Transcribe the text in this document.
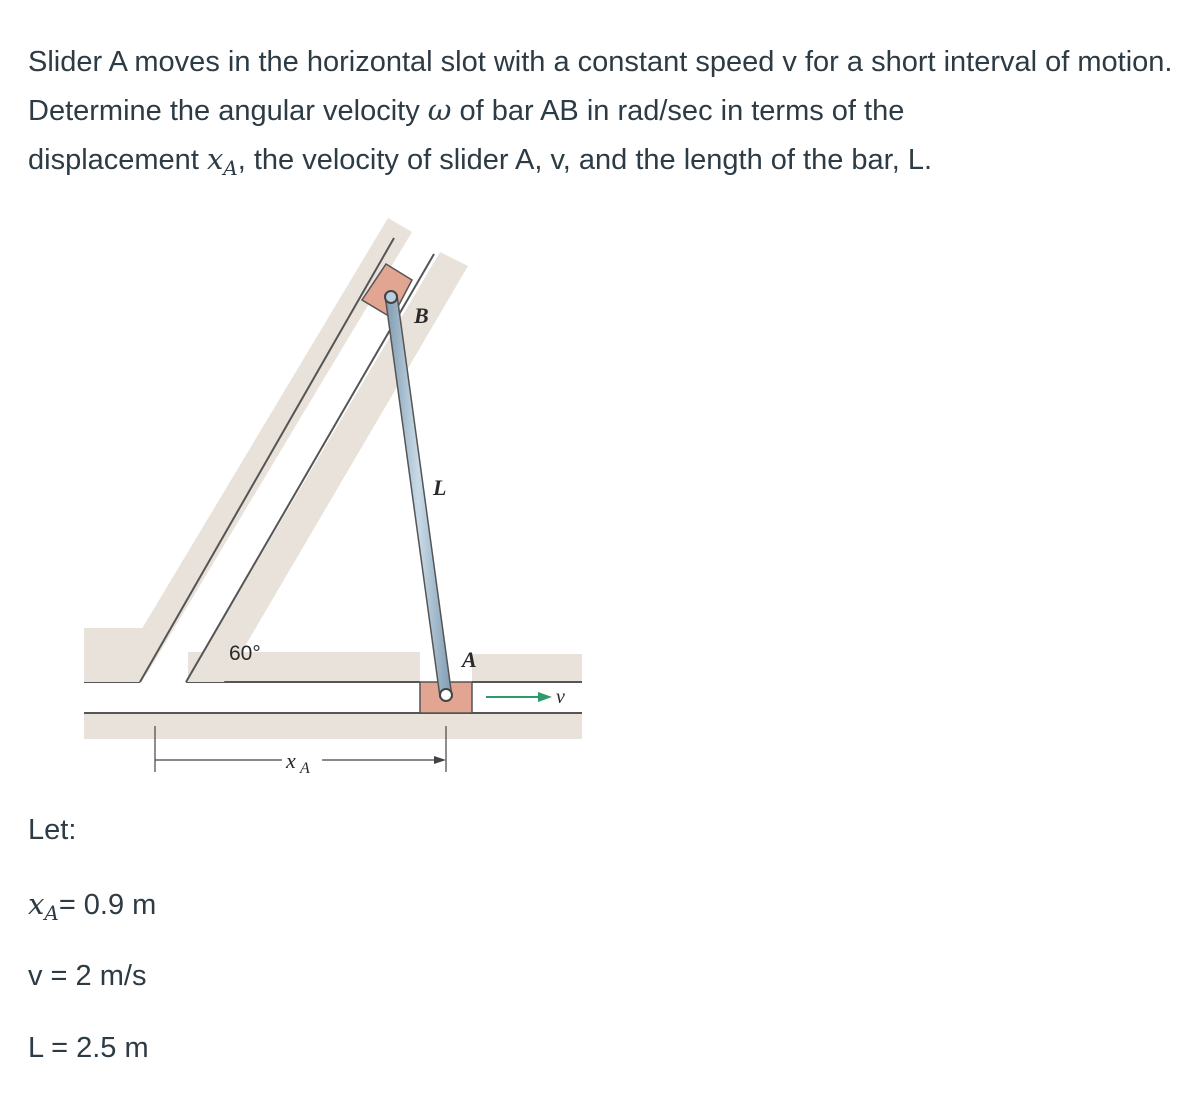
Slider A moves in the horizontal slot with a constant speed v for a short interval of motion. Determine the angular velocity ω of bar AB in rad/sec in terms of the
displacement $x_A$, the velocity of slider A, v, and the length of the bar, L.

B
L
A
v
60°
x A

Let:

$x_A= 0.9$ m

v = 2 m/s

L = 2.5 m
